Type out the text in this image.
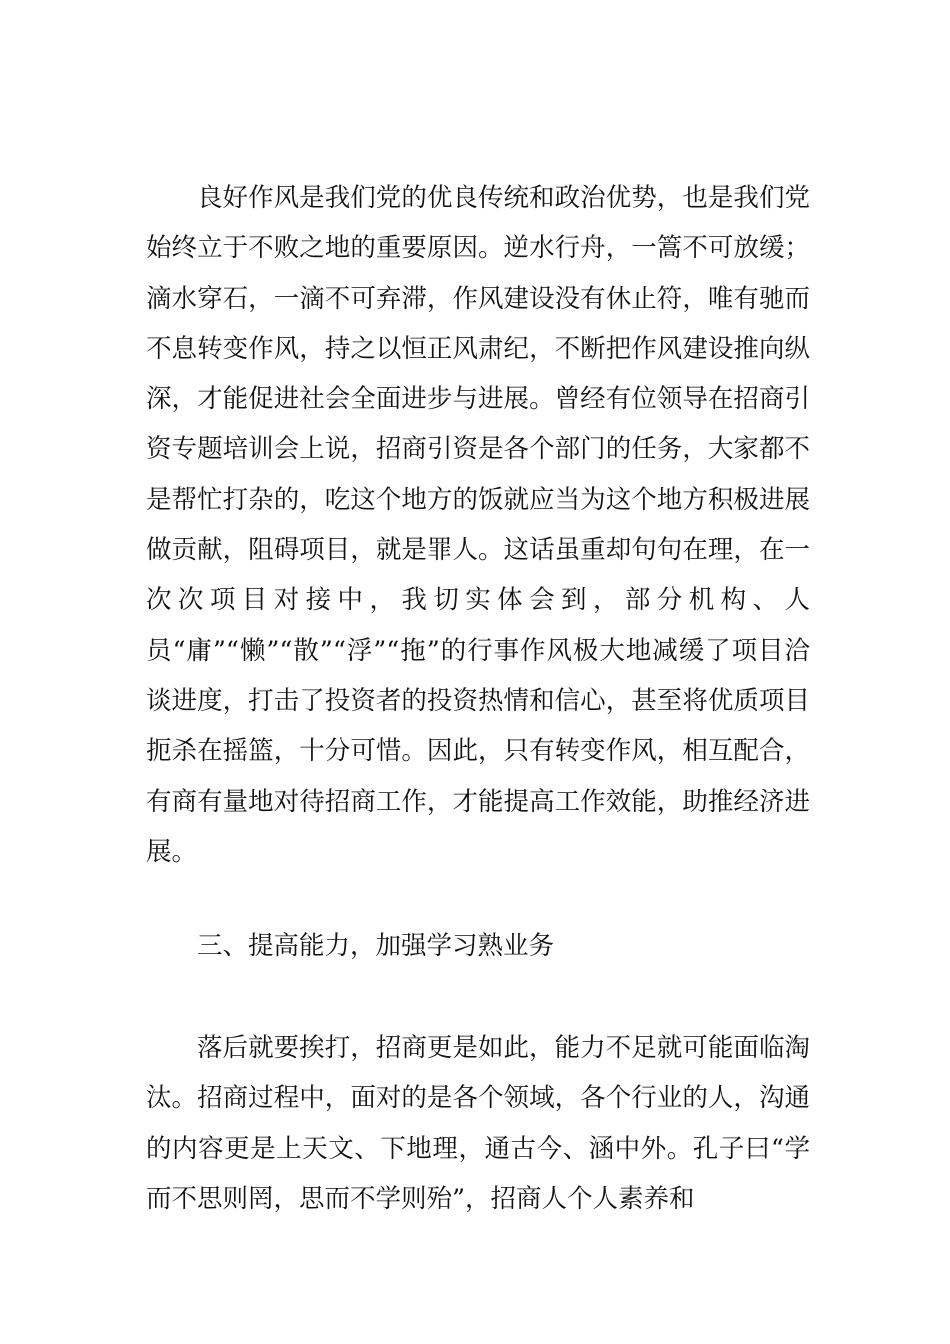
良好作风是我们党的优良传统和政治优势，也是我们党始终立于不败之地的重要原因。逆水行舟，一篙不可放缓；滴水穿石，一滴不可弃滞，作风建设没有休止符，唯有驰而不息转变作风，持之以恒正风肃纪，不断把作风建设推向纵深，才能促进社会全面进步与进展。曾经有位领导在招商引资专题培训会上说，招商引资是各个部门的任务，大家都不是帮忙打杂的，吃这个地方的饭就应当为这个地方积极进展做贡献，阻碍项目，就是罪人。这话虽重却句句在理，在一次次项目对接中，我切实体会到，部分机构、人员“庸”“懒”“散”“浮”“拖”的行事作风极大地减缓了项目洽谈进度，打击了投资者的投资热情和信心，甚至将优质项目扼杀在摇篮，十分可惜。因此，只有转变作风，相互配合，有商有量地对待招商工作，才能提高工作效能，助推经济进展。

三、提高能力，加强学习熟业务

落后就要挨打，招商更是如此，能力不足就可能面临淘汰。招商过程中，面对的是各个领域，各个行业的人，沟通的内容更是上天文、下地理，通古今、涵中外。孔子曰“学而不思则罔，思而不学则殆”，招商人个人素养和
